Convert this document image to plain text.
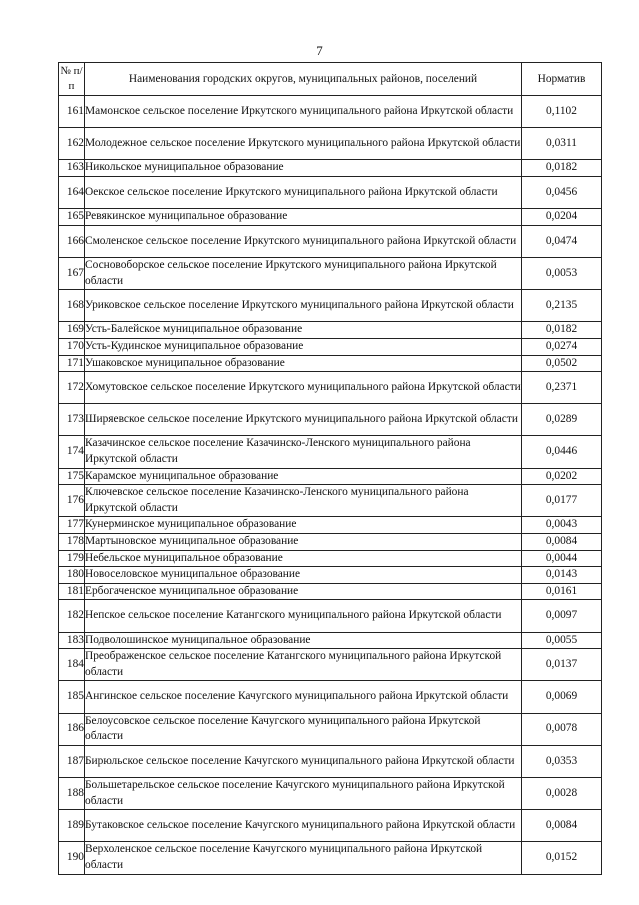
7
№ п/п	Наименования городских округов, муниципальных районов, поселений	Норматив
161	Мамонское сельское поселение Иркутского муниципального района Иркутской области	0,1102
162	Молодежное сельское поселение Иркутского муниципального района Иркутской области	0,0311
163	Никольское муниципальное образование	0,0182
164	Оекское сельское поселение Иркутского муниципального района Иркутской области	0,0456
165	Ревякинское муниципальное образование	0,0204
166	Смоленское сельское поселение Иркутского муниципального района Иркутской области	0,0474
167	Сосновоборское сельское поселение Иркутского муниципального района Иркутской области	0,0053
168	Уриковское сельское поселение Иркутского муниципального района Иркутской области	0,2135
169	Усть-Балейское муниципальное образование	0,0182
170	Усть-Кудинское муниципальное образование	0,0274
171	Ушаковское муниципальное образование	0,0502
172	Хомутовское сельское поселение Иркутского муниципального района Иркутской области	0,2371
173	Ширяевское сельское поселение Иркутского муниципального района Иркутской области	0,0289
174	Казачинское сельское поселение Казачинско-Ленского муниципального района Иркутской области	0,0446
175	Карамское муниципальное образование	0,0202
176	Ключевское сельское поселение Казачинско-Ленского муниципального района Иркутской области	0,0177
177	Кунерминское муниципальное образование	0,0043
178	Мартыновское муниципальное образование	0,0084
179	Небельское муниципальное образование	0,0044
180	Новоселовское муниципальное образование	0,0143
181	Ербогаченское муниципальное образование	0,0161
182	Непское сельское поселение Катангского муниципального района Иркутской области	0,0097
183	Подволошинское муниципальное образование	0,0055
184	Преображенское сельское поселение Катангского муниципального района Иркутской области	0,0137
185	Ангинское сельское поселение Качугского муниципального района Иркутской области	0,0069
186	Белоусовское сельское поселение Качугского муниципального района Иркутской области	0,0078
187	Бирюльское сельское поселение Качугского муниципального района Иркутской области	0,0353
188	Большетарельское сельское поселение Качугского муниципального района Иркутской области	0,0028
189	Бутаковское сельское поселение Качугского муниципального района Иркутской области	0,0084
190	Верхоленское сельское поселение Качугского муниципального района Иркутской области	0,0152
